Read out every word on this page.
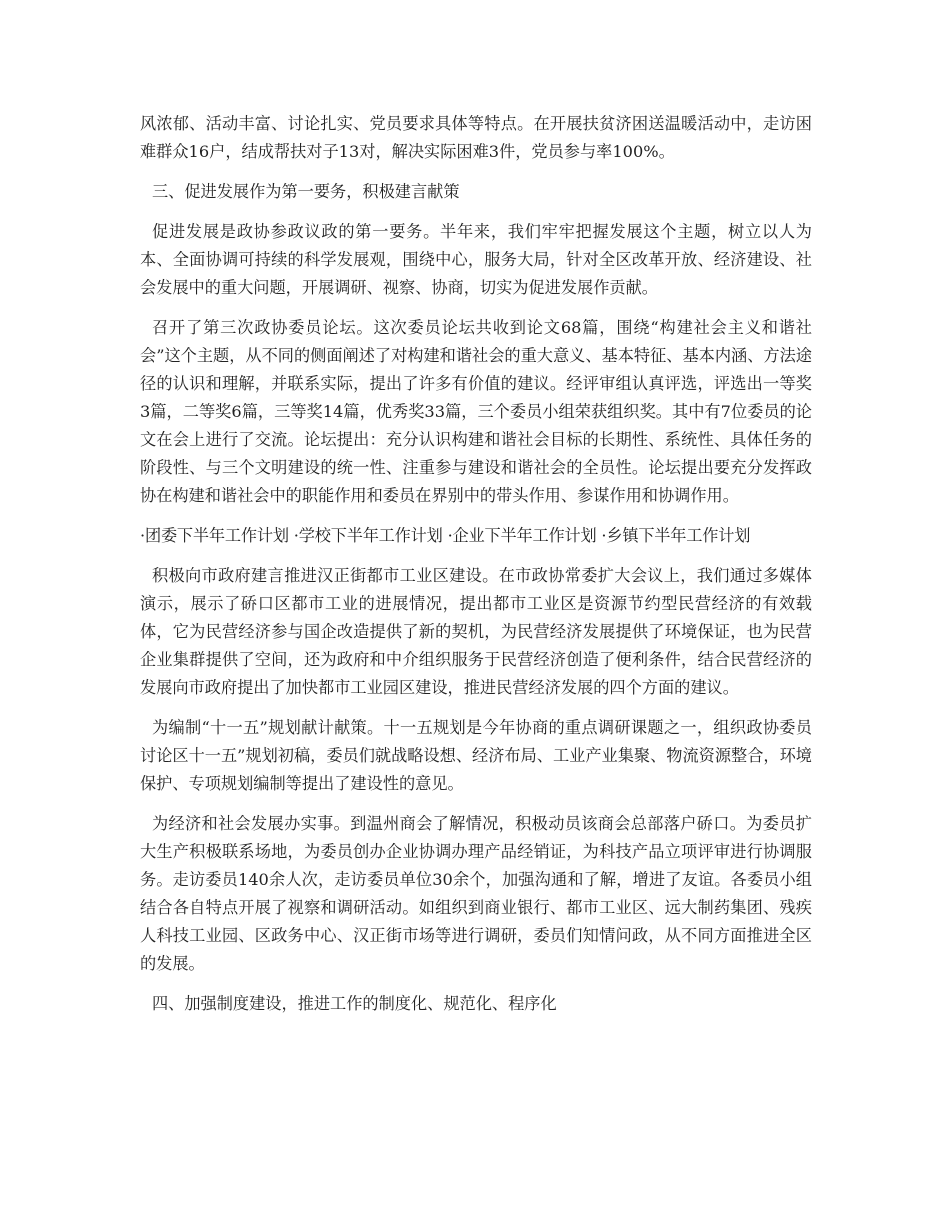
风浓郁、活动丰富、讨论扎实、党员要求具体等特点。在开展扶贫济困送温暖活动中，走访困难群众16户，结成帮扶对子13对，解决实际困难3件，党员参与率100%。

三、促进发展作为第一要务，积极建言献策

促进发展是政协参政议政的第一要务。半年来，我们牢牢把握发展这个主题，树立以人为本、全面协调可持续的科学发展观，围绕中心，服务大局，针对全区改革开放、经济建设、社会发展中的重大问题，开展调研、视察、协商，切实为促进发展作贡献。

召开了第三次政协委员论坛。这次委员论坛共收到论文68篇，围绕“构建社会主义和谐社会”这个主题，从不同的侧面阐述了对构建和谐社会的重大意义、基本特征、基本内涵、方法途径的认识和理解，并联系实际，提出了许多有价值的建议。经评审组认真评选，评选出一等奖3篇，二等奖6篇，三等奖14篇，优秀奖33篇，三个委员小组荣获组织奖。其中有7位委员的论文在会上进行了交流。论坛提出：充分认识构建和谐社会目标的长期性、系统性、具体任务的阶段性、与三个文明建设的统一性、注重参与建设和谐社会的全员性。论坛提出要充分发挥政协在构建和谐社会中的职能作用和委员在界别中的带头作用、参谋作用和协调作用。

·团委下半年工作计划 ·学校下半年工作计划 ·企业下半年工作计划 ·乡镇下半年工作计划

积极向市政府建言推进汉正街都市工业区建设。在市政协常委扩大会议上，我们通过多媒体演示，展示了硚口区都市工业的进展情况，提出都市工业区是资源节约型民营经济的有效载体，它为民营经济参与国企改造提供了新的契机，为民营经济发展提供了环境保证，也为民营企业集群提供了空间，还为政府和中介组织服务于民营经济创造了便利条件，结合民营经济的发展向市政府提出了加快都市工业园区建设，推进民营经济发展的四个方面的建议。

为编制“十一五”规划献计献策。十一五规划是今年协商的重点调研课题之一，组织政协委员讨论区十一五”规划初稿，委员们就战略设想、经济布局、工业产业集聚、物流资源整合，环境保护、专项规划编制等提出了建设性的意见。

为经济和社会发展办实事。到温州商会了解情况，积极动员该商会总部落户硚口。为委员扩大生产积极联系场地，为委员创办企业协调办理产品经销证，为科技产品立项评审进行协调服务。走访委员140余人次，走访委员单位30余个，加强沟通和了解，增进了友谊。各委员小组结合各自特点开展了视察和调研活动。如组织到商业银行、都市工业区、远大制药集团、残疾人科技工业园、区政务中心、汉正街市场等进行调研，委员们知情问政，从不同方面推进全区的发展。

四、加强制度建设，推进工作的制度化、规范化、程序化
